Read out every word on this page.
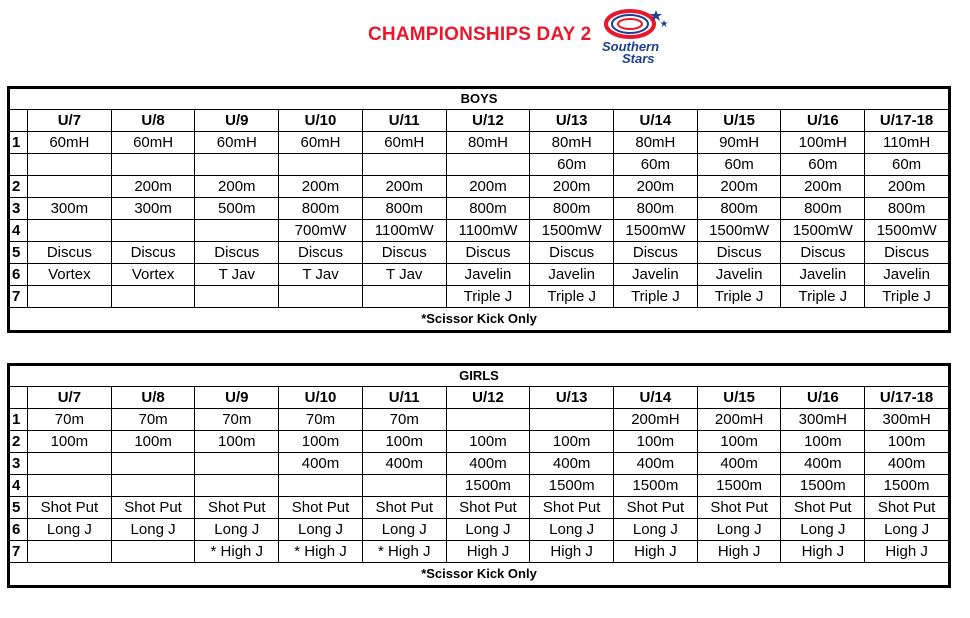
CHAMPIONSHIPS DAY 2
Southern
Stars
BOYS											
	U/7	U/8	U/9	U/10	U/11	U/12	U/13	U/14	U/15	U/16	U/17-18
1	60mH	60mH	60mH	60mH	60mH	80mH	80mH	80mH	90mH	100mH	110mH
							60m	60m	60m	60m	60m
2		200m	200m	200m	200m	200m	200m	200m	200m	200m	200m
3	300m	300m	500m	800m	800m	800m	800m	800m	800m	800m	800m
4				700mW	1100mW	1100mW	1500mW	1500mW	1500mW	1500mW	1500mW
5	Discus	Discus	Discus	Discus	Discus	Discus	Discus	Discus	Discus	Discus	Discus
6	Vortex	Vortex	T Jav	T Jav	T Jav	Javelin	Javelin	Javelin	Javelin	Javelin	Javelin
7						Triple J	Triple J	Triple J	Triple J	Triple J	Triple J
*Scissor Kick Only											
GIRLS											
	U/7	U/8	U/9	U/10	U/11	U/12	U/13	U/14	U/15	U/16	U/17-18
1	70m	70m	70m	70m	70m			200mH	200mH	300mH	300mH
2	100m	100m	100m	100m	100m	100m	100m	100m	100m	100m	100m
3				400m	400m	400m	400m	400m	400m	400m	400m
4						1500m	1500m	1500m	1500m	1500m	1500m
5	Shot Put	Shot Put	Shot Put	Shot Put	Shot Put	Shot Put	Shot Put	Shot Put	Shot Put	Shot Put	Shot Put
6	Long J	Long J	Long J	Long J	Long J	Long J	Long J	Long J	Long J	Long J	Long J
7			* High J	* High J	* High J	High J	High J	High J	High J	High J	High J
*Scissor Kick Only											
